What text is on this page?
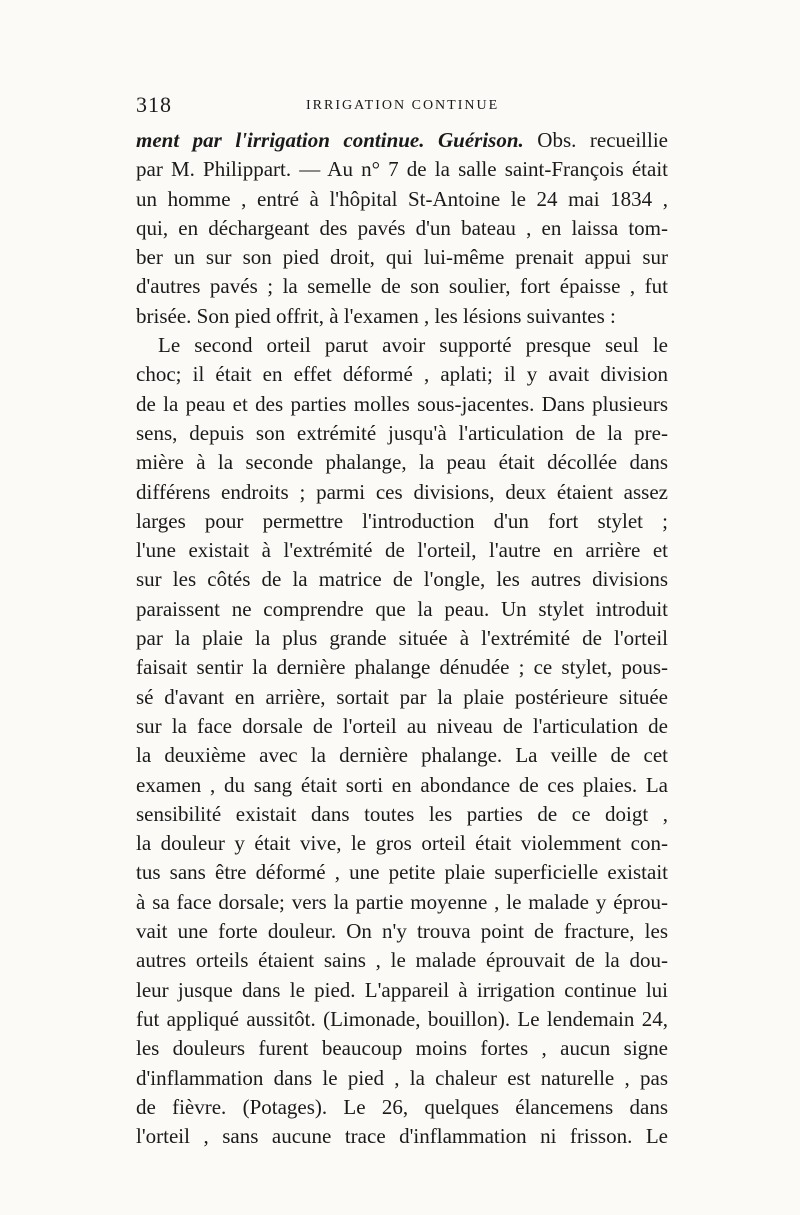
318	IRRIGATION CONTINUE
ment par l'irrigation continue. Guérison. Obs. recueillie
par M. Philippart. — Au n° 7 de la salle saint-François était
un homme , entré à l'hôpital St-Antoine le 24 mai 1834 ,
qui, en déchargeant des pavés d'un bateau , en laissa tom-
ber un sur son pied droit, qui lui-même prenait appui sur
d'autres pavés ; la semelle de son soulier, fort épaisse , fut
brisée. Son pied offrit, à l'examen , les lésions suivantes :
Le second orteil parut avoir supporté presque seul le
choc; il était en effet déformé , aplati; il y avait division
de la peau et des parties molles sous-jacentes. Dans plusieurs
sens, depuis son extrémité jusqu'à l'articulation de la pre-
mière à la seconde phalange, la peau était décollée dans
différens endroits ; parmi ces divisions, deux étaient assez
larges pour permettre l'introduction d'un fort stylet ;
l'une existait à l'extrémité de l'orteil, l'autre en arrière et
sur les côtés de la matrice de l'ongle, les autres divisions
paraissent ne comprendre que la peau. Un stylet introduit
par la plaie la plus grande située à l'extrémité de l'orteil
faisait sentir la dernière phalange dénudée ; ce stylet, pous-
sé d'avant en arrière, sortait par la plaie postérieure située
sur la face dorsale de l'orteil au niveau de l'articulation de
la deuxième avec la dernière phalange. La veille de cet
examen , du sang était sorti en abondance de ces plaies. La
sensibilité existait dans toutes les parties de ce doigt ,
la douleur y était vive, le gros orteil était violemment con-
tus sans être déformé , une petite plaie superficielle existait
à sa face dorsale; vers la partie moyenne , le malade y éprou-
vait une forte douleur. On n'y trouva point de fracture, les
autres orteils étaient sains , le malade éprouvait de la dou-
leur jusque dans le pied. L'appareil à irrigation continue lui
fut appliqué aussitôt. (Limonade, bouillon). Le lendemain 24,
les douleurs furent beaucoup moins fortes , aucun signe
d'inflammation dans le pied , la chaleur est naturelle , pas
de fièvre. (Potages). Le 26, quelques élancemens dans
l'orteil , sans aucune trace d'inflammation ni frisson. Le
